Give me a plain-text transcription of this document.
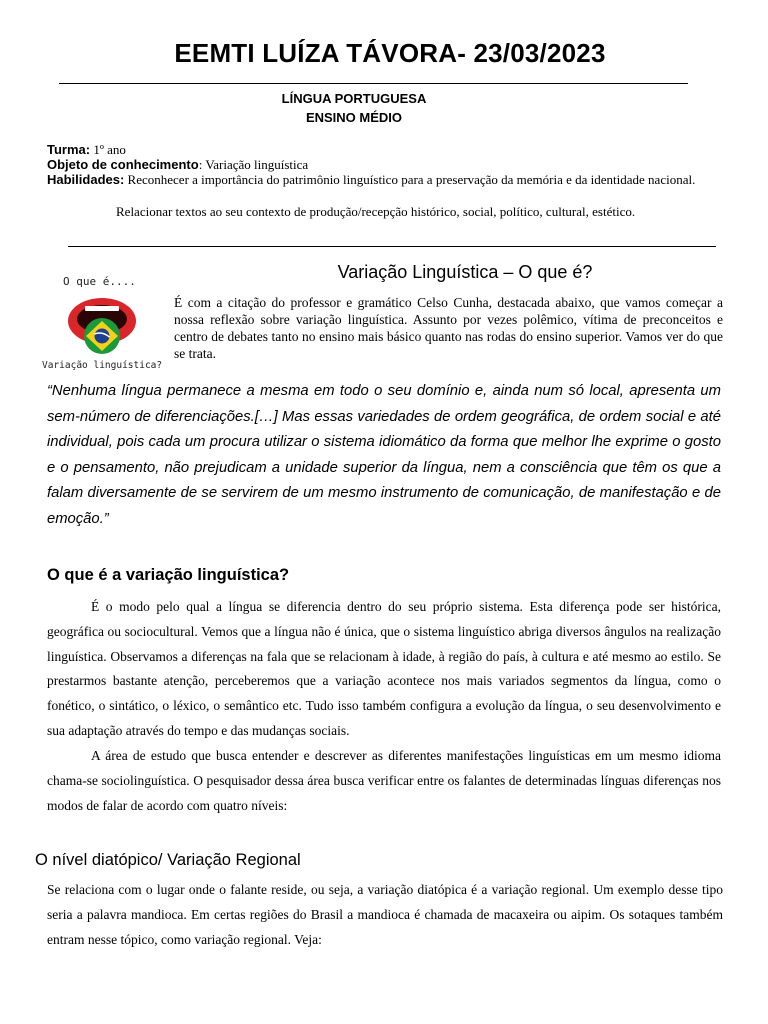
EEMTI LUÍZA TÁVORA- 23/03/2023
LÍNGUA PORTUGUESA
ENSINO MÉDIO
Turma: 1º ano
Objeto de conhecimento: Variação linguística
Habilidades: Reconhecer a importância do patrimônio linguístico para a preservação da memória e da identidade nacional.
Relacionar textos ao seu contexto de produção/recepção histórico, social, político, cultural, estético.
O que é....
Variação linguística?
Variação Linguística – O que é?
É com a citação do professor e gramático Celso Cunha, destacada abaixo, que vamos começar a nossa reflexão sobre variação linguística. Assunto por vezes polêmico, vítima de preconceitos e centro de debates tanto no ensino mais básico quanto nas rodas do ensino superior. Vamos ver do que se trata.
“Nenhuma língua permanece a mesma em todo o seu domínio e, ainda num só local, apresenta um sem-número de diferenciações.[…] Mas essas variedades de ordem geográfica, de ordem social e até individual, pois cada um procura utilizar o sistema idiomático da forma que melhor lhe exprime o gosto e o pensamento, não prejudicam a unidade superior da língua, nem a consciência que têm os que a falam diversamente de se servirem de um mesmo instrumento de comunicação, de manifestação e de emoção.”
O que é a variação linguística?
É o modo pelo qual a língua se diferencia dentro do seu próprio sistema. Esta diferença pode ser histórica, geográfica ou sociocultural. Vemos que a língua não é única, que o sistema linguístico abriga diversos ângulos na realização linguística. Observamos a diferenças na fala que se relacionam à idade, à região do país, à cultura e até mesmo ao estilo. Se prestarmos bastante atenção, perceberemos que a variação acontece nos mais variados segmentos da língua, como o fonético, o sintático, o léxico, o semântico etc. Tudo isso também configura a evolução da língua, o seu desenvolvimento e sua adaptação através do tempo e das mudanças sociais.
A área de estudo que busca entender e descrever as diferentes manifestações linguísticas em um mesmo idioma chama-se sociolinguística. O pesquisador dessa área busca verificar entre os falantes de determinadas línguas diferenças nos modos de falar de acordo com quatro níveis:
O nível diatópico/ Variação Regional
Se relaciona com o lugar onde o falante reside, ou seja, a variação diatópica é a variação regional. Um exemplo desse tipo seria a palavra mandioca. Em certas regiões do Brasil a mandioca é chamada de macaxeira ou aipim. Os sotaques também entram nesse tópico, como variação regional. Veja:
